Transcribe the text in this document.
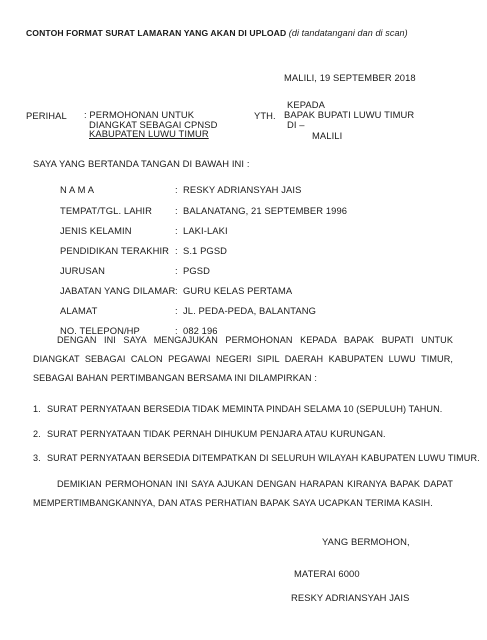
CONTOH FORMAT SURAT LAMARAN YANG AKAN DI UPLOAD (di tandatangani dan di scan)
MALILI, 19 SEPTEMBER 2018
PERIHAL : PERMOHONAN UNTUK
DIANGKAT SEBAGAI CPNSD
KABUPATEN LUWU TIMUR
YTH.
KEPADA
BAPAK BUPATI LUWU TIMUR
DI –
MALILI
SAYA YANG BERTANDA TANGAN DI BAWAH INI :
N A M A	: RESKY ADRIANSYAH JAIS
TEMPAT/TGL. LAHIR : BALANATANG, 21 SEPTEMBER 1996
JENIS KELAMIN	: LAKI-LAKI
PENDIDIKAN TERAKHIR : S.1 PGSD
JURUSAN	: PGSD
JABATAN YANG DILAMAR : GURU KELAS PERTAMA
ALAMAT	: JL. PEDA-PEDA, BALANTANG
NO. TELEPON/HP	: 082 196
DENGAN INI SAYA MENGAJUKAN PERMOHONAN KEPADA BAPAK BUPATI UNTUK DIANGKAT SEBAGAI CALON PEGAWAI NEGERI SIPIL DAERAH KABUPATEN LUWU TIMUR, SEBAGAI BAHAN PERTIMBANGAN BERSAMA INI DILAMPIRKAN :
1. SURAT PERNYATAAN BERSEDIA TIDAK MEMINTA PINDAH SELAMA 10 (SEPULUH) TAHUN.
2. SURAT PERNYATAAN TIDAK PERNAH DIHUKUM PENJARA ATAU KURUNGAN.
3. SURAT PERNYATAAN BERSEDIA DITEMPATKAN DI SELURUH WILAYAH KABUPATEN LUWU TIMUR.
DEMIKIAN PERMOHONAN INI SAYA AJUKAN DENGAN HARAPAN KIRANYA BAPAK DAPAT MEMPERTIMBANGKANNYA, DAN ATAS PERHATIAN BAPAK SAYA UCAPKAN TERIMA KASIH.
YANG BERMOHON,
MATERAI 6000
RESKY ADRIANSYAH JAIS
